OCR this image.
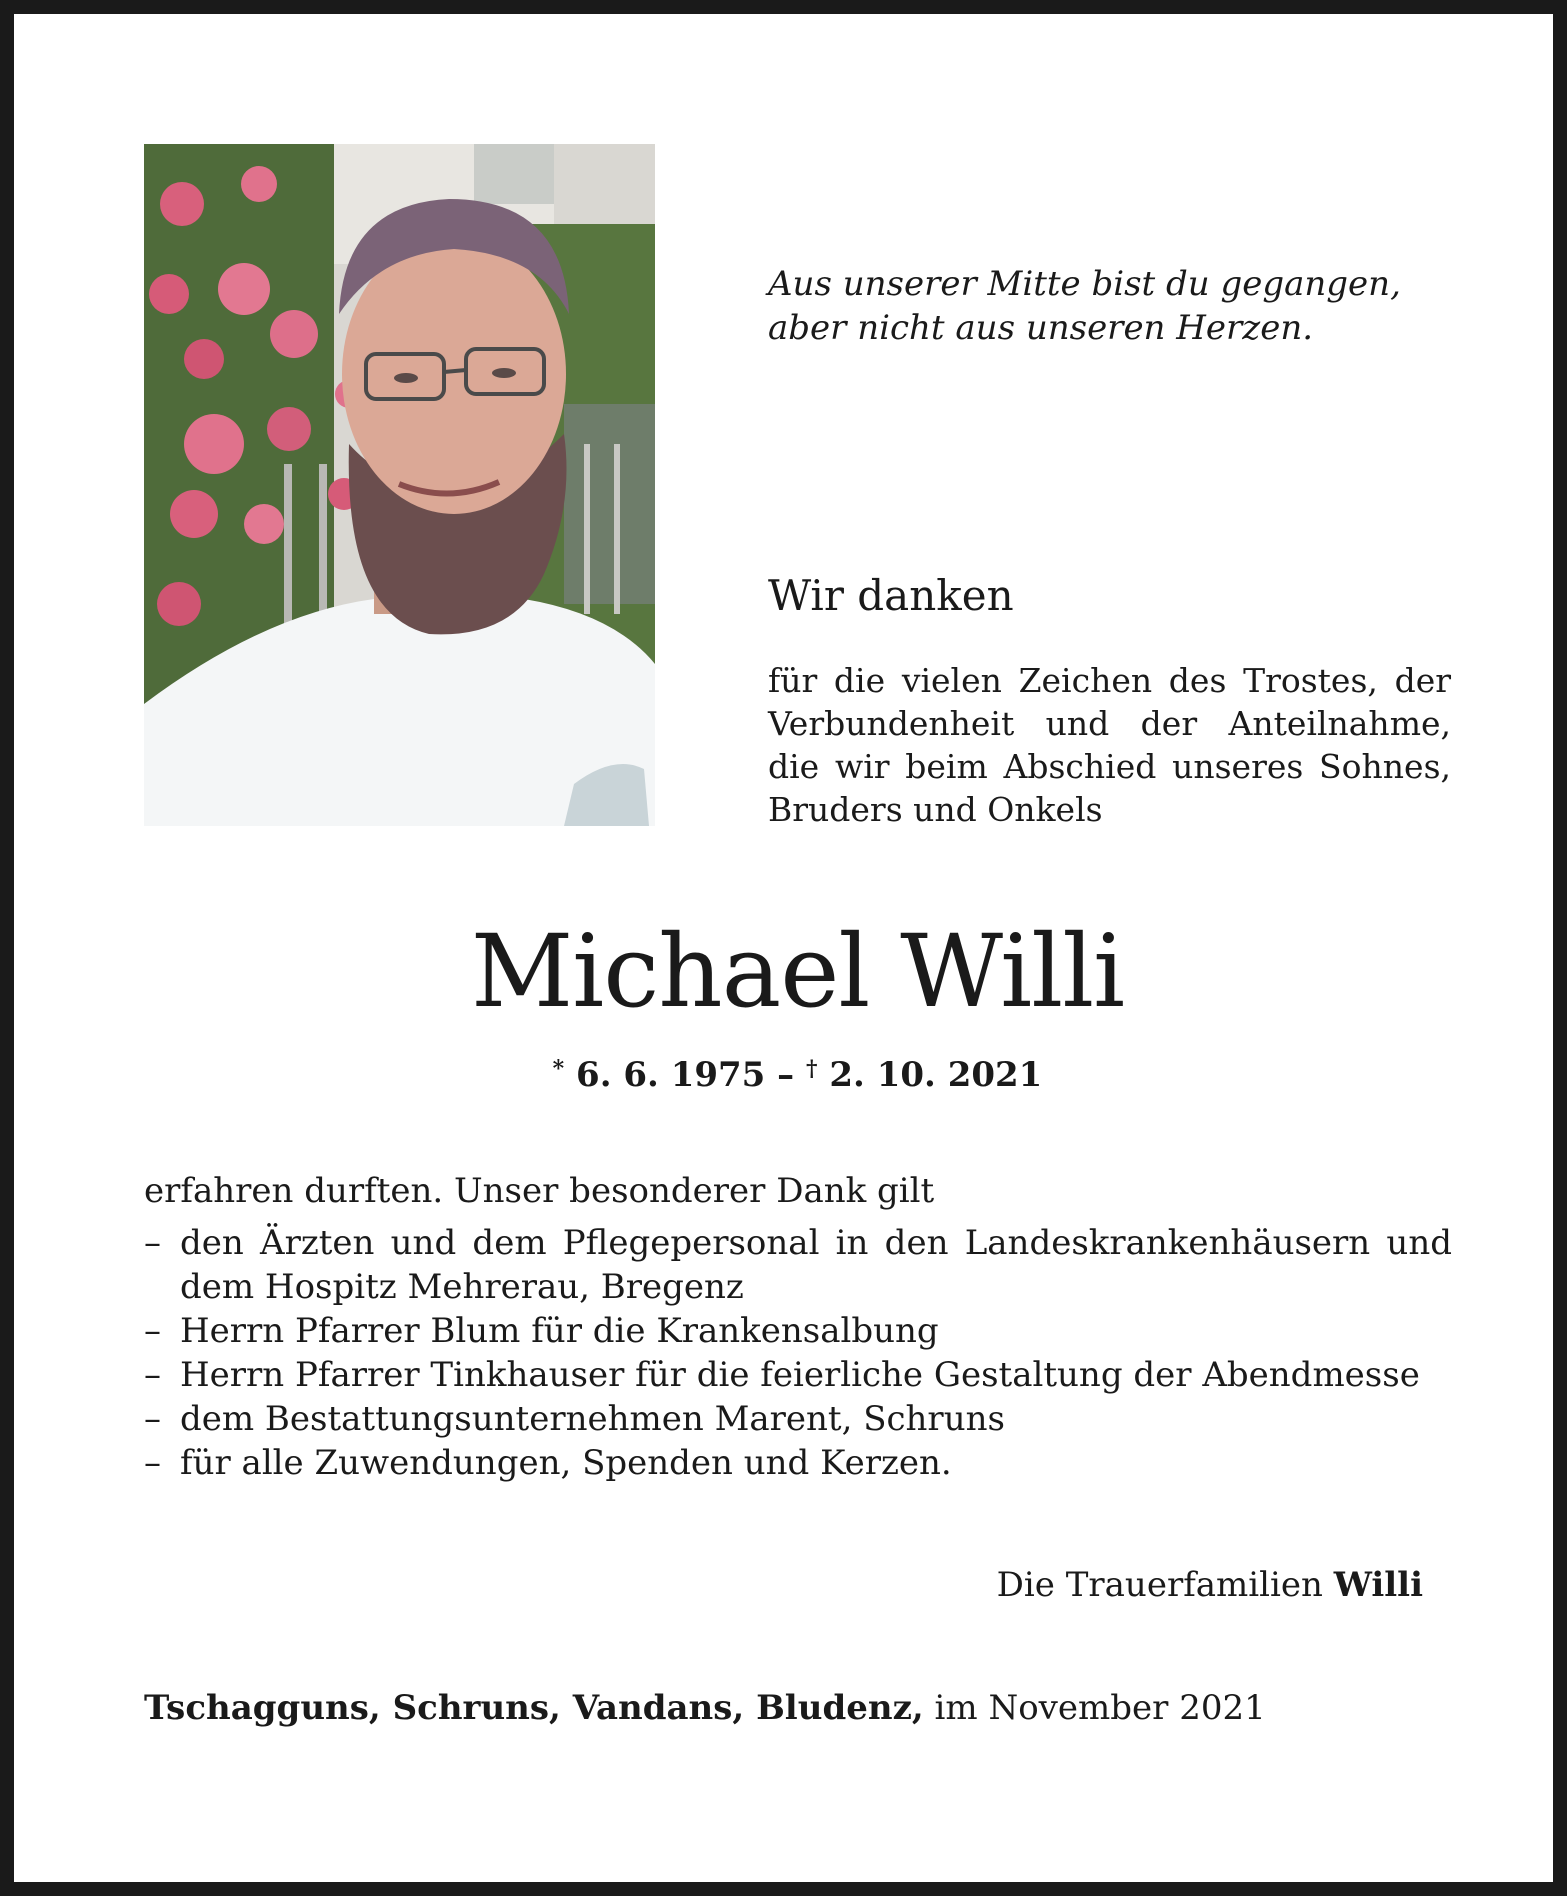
Aus unserer Mitte bist du gegangen,
aber nicht aus unseren Herzen.
Wir danken
für die vielen Zeichen des Trostes, der
Verbundenheit und der Anteilnahme,
die wir beim Abschied unseres Sohnes,
Bruders und Onkels
Michael Willi
* 6. 6. 1975 – † 2. 10. 2021
erfahren durften. Unser besonderer Dank gilt
– den Ärzten und dem Pflegepersonal in den Landeskrankenhäusern und dem Hospitz Mehrerau, Bregenz
– Herrn Pfarrer Blum für die Krankensalbung
– Herrn Pfarrer Tinkhauser für die feierliche Gestaltung der Abendmesse
– dem Bestattungsunternehmen Marent, Schruns
– für alle Zuwendungen, Spenden und Kerzen.
Die Trauerfamilien Willi
Tschagguns, Schruns, Vandans, Bludenz, im November 2021
